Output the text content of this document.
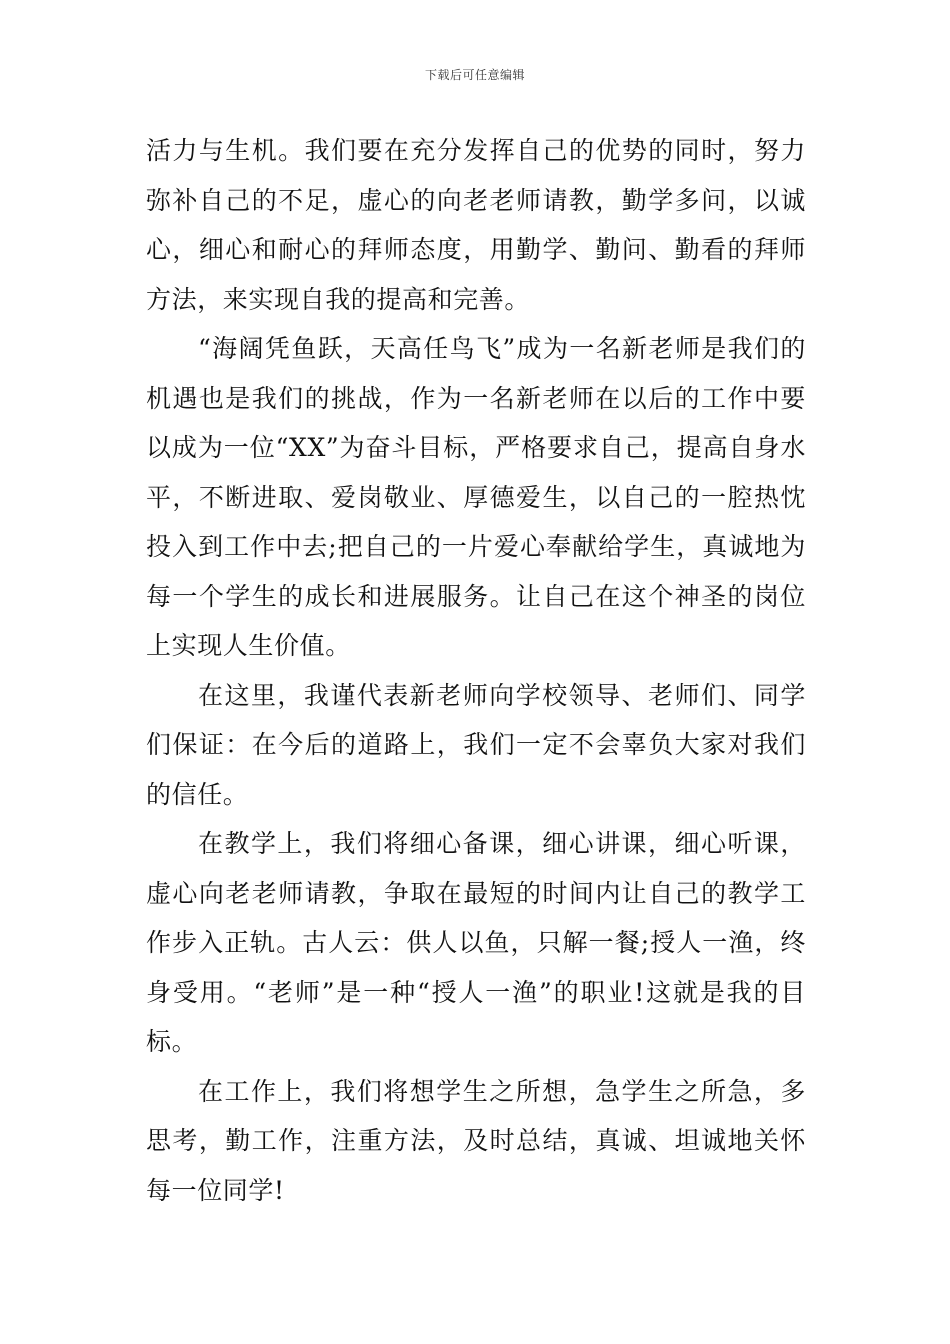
下载后可任意编辑

活力与生机。我们要在充分发挥自己的优势的同时，努力弥补自己的不足，虚心的向老老师请教，勤学多问，以诚心，细心和耐心的拜师态度，用勤学、勤问、勤看的拜师方法，来实现自我的提高和完善。

“海阔凭鱼跃，天高任鸟飞”成为一名新老师是我们的机遇也是我们的挑战，作为一名新老师在以后的工作中要以成为一位“XX”为奋斗目标，严格要求自己，提高自身水平，不断进取、爱岗敬业、厚德爱生，以自己的一腔热忱投入到工作中去;把自己的一片爱心奉献给学生，真诚地为每一个学生的成长和进展服务。让自己在这个神圣的岗位上实现人生价值。

在这里，我谨代表新老师向学校领导、老师们、同学们保证：在今后的道路上，我们一定不会辜负大家对我们的信任。

在教学上，我们将细心备课，细心讲课，细心听课，虚心向老老师请教，争取在最短的时间内让自己的教学工作步入正轨。古人云：供人以鱼，只解一餐;授人一渔，终身受用。“老师”是一种“授人一渔”的职业!这就是我的目标。

在工作上，我们将想学生之所想，急学生之所急，多思考，勤工作，注重方法，及时总结，真诚、坦诚地关怀每一位同学!
